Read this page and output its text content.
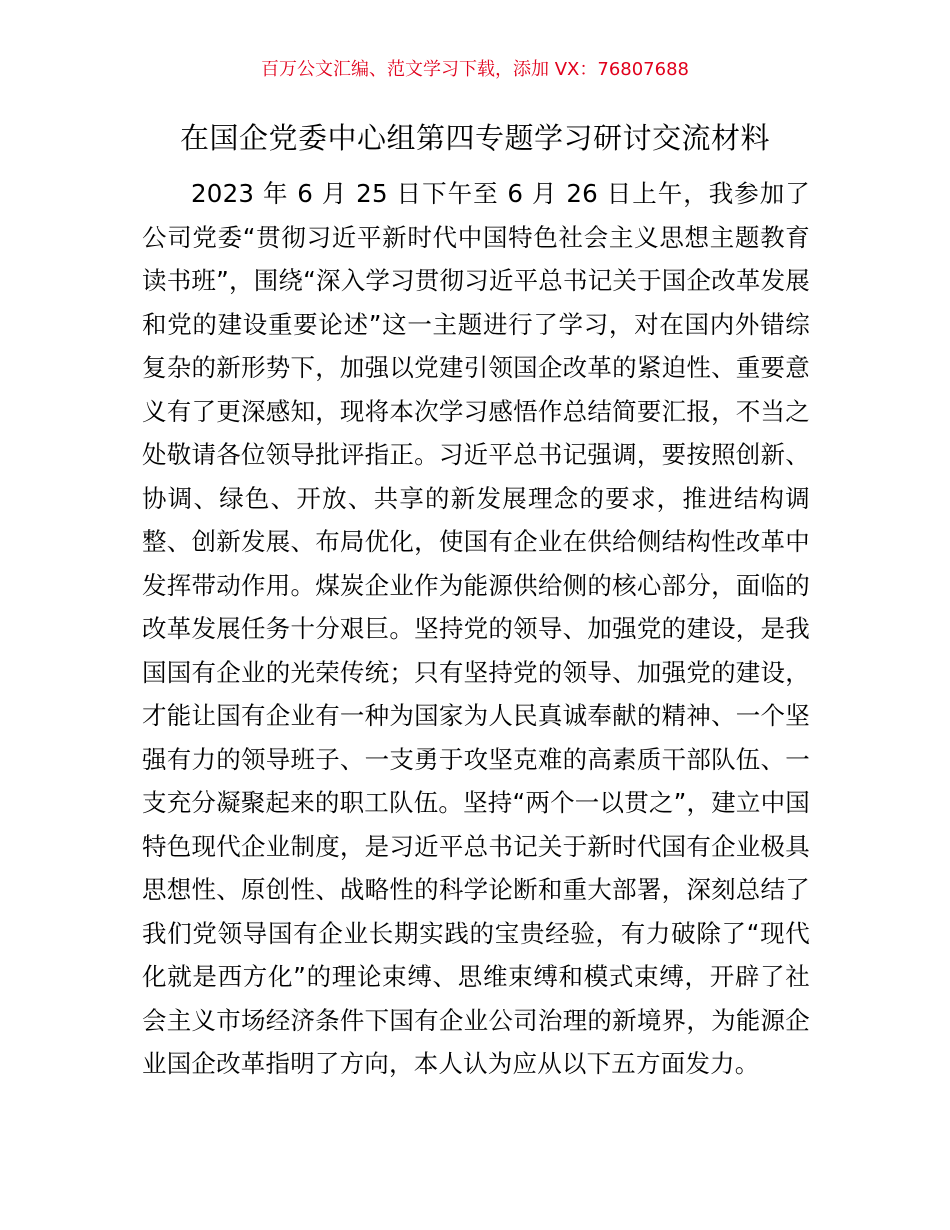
百万公文汇编、范文学习下载，添加 VX：76807688
在国企党委中心组第四专题学习研讨交流材料

2023 年 6 月 25 日下午至 6 月 26 日上午，我参加了公司党委“贯彻习近平新时代中国特色社会主义思想主题教育读书班”，围绕“深入学习贯彻习近平总书记关于国企改革发展和党的建设重要论述”这一主题进行了学习，对在国内外错综复杂的新形势下，加强以党建引领国企改革的紧迫性、重要意义有了更深感知，现将本次学习感悟作总结简要汇报，不当之处敬请各位领导批评指正。习近平总书记强调，要按照创新、协调、绿色、开放、共享的新发展理念的要求，推进结构调整、创新发展、布局优化，使国有企业在供给侧结构性改革中发挥带动作用。煤炭企业作为能源供给侧的核心部分，面临的改革发展任务十分艰巨。坚持党的领导、加强党的建设，是我国国有企业的光荣传统；只有坚持党的领导、加强党的建设，才能让国有企业有一种为国家为人民真诚奉献的精神、一个坚强有力的领导班子、一支勇于攻坚克难的高素质干部队伍、一支充分凝聚起来的职工队伍。坚持“两个一以贯之”，建立中国特色现代企业制度，是习近平总书记关于新时代国有企业极具思想性、原创性、战略性的科学论断和重大部署，深刻总结了我们党领导国有企业长期实践的宝贵经验，有力破除了“现代化就是西方化”的理论束缚、思维束缚和模式束缚，开辟了社会主义市场经济条件下国有企业公司治理的新境界，为能源企业国企改革指明了方向，本人认为应从以下五方面发力。
